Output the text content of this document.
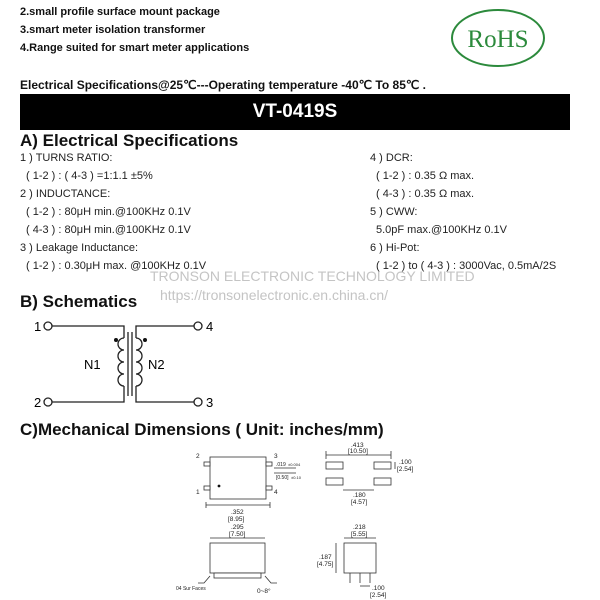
2.small profile surface mount package
3.smart meter isolation transformer
4.Range suited for smart meter applications	RoHS
Electrical Specifications@25℃---Operating temperature -40℃ To 85℃ .
VT-0419S
A) Electrical Specifications
1 ) TURNS RATIO:
( 1-2 ) : ( 4-3 ) =1:1.1 ±5%
2 ) INDUCTANCE:
( 1-2 ) : 80μH min.@100KHz 0.1V
( 4-3 ) : 80μH min.@100KHz 0.1V
3 ) Leakage Inductance:
( 1-2 ) : 0.30μH max. @100KHz 0.1V
4 ) DCR:
( 1-2 ) : 0.35 Ω max.
( 4-3 ) : 0.35 Ω max.
5 ) CWW:
5.0pF max.@100KHz 0.1V
6 ) Hi-Pot:
( 1-2 ) to ( 4-3 ) : 3000Vac, 0.5mA/2S
TRONSON ELECTRONIC TECHNOLOGY LIMITED
https://tronsonelectronic.en.china.cn/
B) Schematics
1
2	3
4
N1	N2
C)Mechanical Dimensions ( Unit: inches/mm)
2	3
1	4
.352
[8.95]
.019 ±0.004
[0.50] ±0.10
.413
[10.50]
.100
[2.54]
.180
[4.57]
.295
[7.50]
0~8°
04 Sur Faces
.218
[5.55]
.187
[4.75]
.100
[2.54]
